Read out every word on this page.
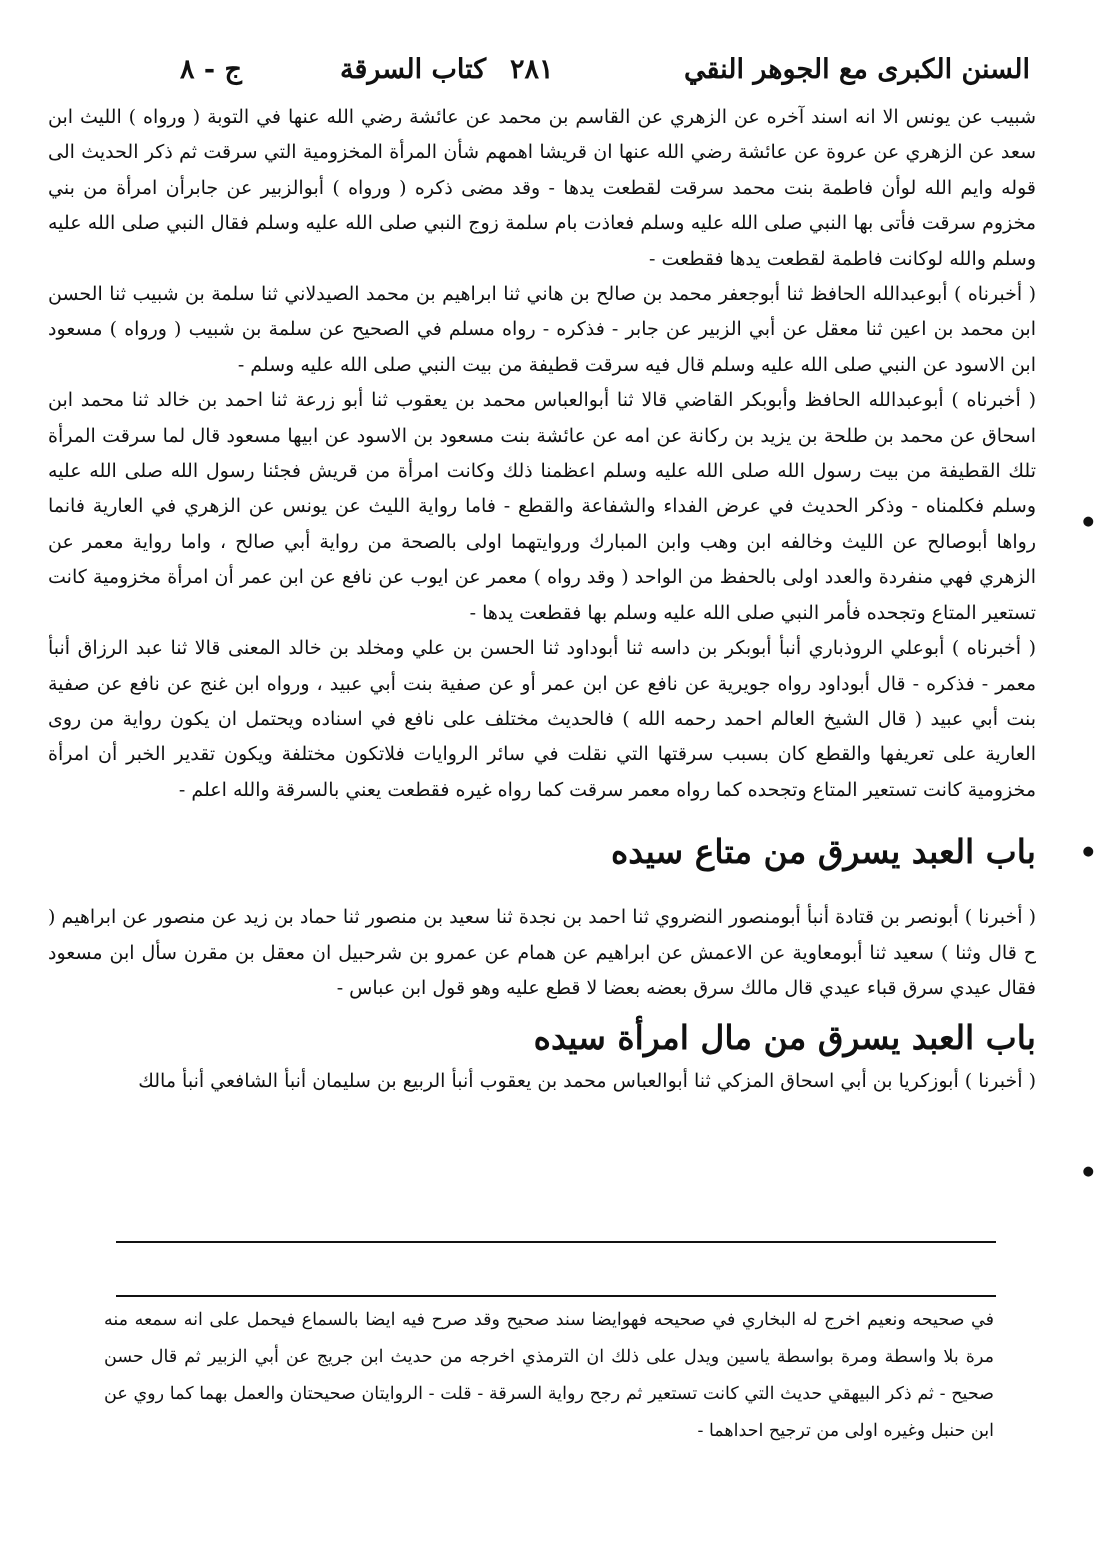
السنن الكبرى مع الجوهر النقي
٢٨١
كتاب السرقة
ج - ٨

شبيب عن يونس الا انه اسند آخره عن الزهري عن القاسم بن محمد عن عائشة رضي الله عنها في التوبة ( ورواه ) الليث ابن سعد عن الزهري عن عروة عن عائشة رضي الله عنها ان قريشا اهمهم شأن المرأة المخزومية التي سرقت ثم ذكر الحديث الى قوله وايم الله لوأن فاطمة بنت محمد سرقت لقطعت يدها - وقد مضى ذكره ( ورواه ) أبوالزبير عن جابرأن امرأة من بني مخزوم سرقت فأتى بها النبي صلى الله عليه وسلم فعاذت بام سلمة زوج النبي صلى الله عليه وسلم فقال النبي صلى الله عليه وسلم والله لوكانت فاطمة لقطعت يدها فقطعت -

( أخبرناه ) أبوعبدالله الحافظ ثنا أبوجعفر محمد بن صالح بن هاني ثنا ابراهيم بن محمد الصيدلاني ثنا سلمة بن شبيب ثنا الحسن ابن محمد بن اعين ثنا معقل عن أبي الزبير عن جابر - فذكره - رواه مسلم في الصحيح عن سلمة بن شبيب ( ورواه ) مسعود ابن الاسود عن النبي صلى الله عليه وسلم قال فيه سرقت قطيفة من بيت النبي صلى الله عليه وسلم -

( أخبرناه ) أبوعبدالله الحافظ وأبوبكر القاضي قالا ثنا أبوالعباس محمد بن يعقوب ثنا أبو زرعة ثنا احمد بن خالد ثنا محمد ابن اسحاق عن محمد بن طلحة بن يزيد بن ركانة عن امه عن عائشة بنت مسعود بن الاسود عن ابيها مسعود قال لما سرقت المرأة تلك القطيفة من بيت رسول الله صلى الله عليه وسلم اعظمنا ذلك وكانت امرأة من قريش فجئنا رسول الله صلى الله عليه وسلم فكلمناه - وذكر الحديث في عرض الفداء والشفاعة والقطع - فاما رواية الليث عن يونس عن الزهري في العارية فانما رواها أبوصالح عن الليث وخالفه ابن وهب وابن المبارك وروايتهما اولى بالصحة من رواية أبي صالح ، واما رواية معمر عن الزهري فهي منفردة والعدد اولى بالحفظ من الواحد ( وقد رواه ) معمر عن ايوب عن نافع عن ابن عمر أن امرأة مخزومية كانت تستعير المتاع وتجحده فأمر النبي صلى الله عليه وسلم بها فقطعت يدها -

( أخبرناه ) أبوعلي الروذباري أنبأ أبوبكر بن داسه ثنا أبوداود ثنا الحسن بن علي ومخلد بن خالد المعنى قالا ثنا عبد الرزاق أنبأ معمر - فذكره - قال أبوداود رواه جويرية عن نافع عن ابن عمر أو عن صفية بنت أبي عبيد ، ورواه ابن غنج عن نافع عن صفية بنت أبي عبيد ( قال الشيخ العالم احمد رحمه الله ) فالحديث مختلف على نافع في اسناده ويحتمل ان يكون رواية من روى العارية على تعريفها والقطع كان بسبب سرقتها التي نقلت في سائر الروايات فلاتكون مختلفة ويكون تقدير الخبر أن امرأة مخزومية كانت تستعير المتاع وتجحده كما رواه معمر سرقت كما رواه غيره فقطعت يعني بالسرقة والله اعلم -

باب العبد يسرق من متاع سيده

( أخبرنا ) أبونصر بن قتادة أنبأ أبومنصور النضروي ثنا احمد بن نجدة ثنا سعيد بن منصور ثنا حماد بن زيد عن منصور عن ابراهيم ( ح قال وثنا ) سعيد ثنا أبومعاوية عن الاعمش عن ابراهيم عن همام عن عمرو بن شرحبيل ان معقل بن مقرن سأل ابن مسعود فقال عيدي سرق قباء عيدي قال مالك سرق بعضه بعضا لا قطع عليه وهو قول ابن عباس -

باب العبد يسرق من مال امرأة سيده

( أخبرنا ) أبوزكريا بن أبي اسحاق المزكي ثنا أبوالعباس محمد بن يعقوب أنبأ الربيع بن سليمان أنبأ الشافعي أنبأ مالك

في صحيحه ونعيم اخرج له البخاري في صحيحه فهوايضا سند صحيح وقد صرح فيه ايضا بالسماع فيحمل على انه سمعه منه مرة بلا واسطة ومرة بواسطة ياسين ويدل على ذلك ان الترمذي اخرجه من حديث ابن جريج عن أبي الزبير ثم قال حسن صحيح - ثم ذكر البيهقي حديث التي كانت تستعير ثم رجح رواية السرقة - قلت - الروايتان صحيحتان والعمل بهما كما روي عن ابن حنبل وغيره اولى من ترجيح احداهما -

●
●
●
